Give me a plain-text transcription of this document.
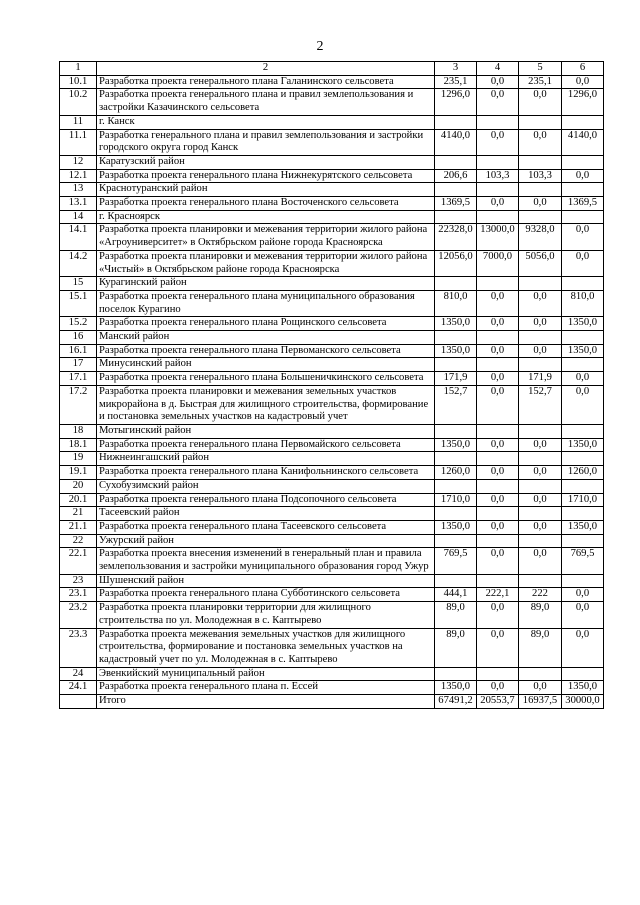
2
1	2	3	4	5	6
10.1	Разработка проекта генерального плана Галанинского сельсовета	235,1	0,0	235,1	0,0
10.2	Разработка проекта генерального плана и правил землепользования и застройки Казачинского сельсовета	1296,0	0,0	0,0	1296,0
11	г. Канск				
11.1	Разработка генерального плана и правил землепользования и застройки городского округа город Канск	4140,0	0,0	0,0	4140,0
12	Каратузский район				
12.1	Разработка проекта генерального плана Нижнекурятского сельсовета	206,6	103,3	103,3	0,0
13	Краснотуранский район				
13.1	Разработка проекта генерального плана Восточенского сельсовета	1369,5	0,0	0,0	1369,5
14	г. Красноярск				
14.1	Разработка проекта планировки и межевания территории жилого района «Агроуниверситет» в Октябрьском районе города Красноярска	22328,0	13000,0	9328,0	0,0
14.2	Разработка проекта планировки и межевания территории жилого района «Чистый» в Октябрьском районе города Красноярска	12056,0	7000,0	5056,0	0,0
15	Курагинский район				
15.1	Разработка проекта генерального плана муниципального образования поселок Курагино	810,0	0,0	0,0	810,0
15.2	Разработка проекта генерального плана Рощинского сельсовета	1350,0	0,0	0,0	1350,0
16	Манский район				
16.1	Разработка проекта генерального плана Первоманского сельсовета	1350,0	0,0	0,0	1350,0
17	Минусинский район				
17.1	Разработка проекта генерального плана Большеничкинского сельсовета	171,9	0,0	171,9	0,0
17.2	Разработка проекта планировки и межевания земельных участков микрорайона в д. Быстрая для жилищного строительства, формирование и постановка земельных участков на кадастровый учет	152,7	0,0	152,7	0,0
18	Мотыгинский район				
18.1	Разработка проекта генерального плана Первомайского сельсовета	1350,0	0,0	0,0	1350,0
19	Нижнеингашский район				
19.1	Разработка проекта генерального плана Канифольнинского сельсовета	1260,0	0,0	0,0	1260,0
20	Сухобузимский район				
20.1	Разработка проекта генерального плана Подсопочного сельсовета	1710,0	0,0	0,0	1710,0
21	Тасеевский район				
21.1	Разработка проекта генерального плана Тасеевского сельсовета	1350,0	0,0	0,0	1350,0
22	Ужурский район				
22.1	Разработка проекта внесения изменений в генеральный план и правила землепользования и застройки муниципального образования город Ужур	769,5	0,0	0,0	769,5
23	Шушенский район				
23.1	Разработка проекта генерального плана Субботинского сельсовета	444,1	222,1	222	0,0
23.2	Разработка проекта планировки территории для жилищного строительства по ул. Молодежная в с. Каптырево	89,0	0,0	89,0	0,0
23.3	Разработка проекта межевания земельных участков для жилищного строительства, формирование и постановка земельных участков на кадастровый учет по ул. Молодежная в с. Каптырево	89,0	0,0	89,0	0,0
24	Эвенкийский муниципальный район				
24.1	Разработка проекта генерального плана п. Ессей	1350,0	0,0	0,0	1350,0
	Итого	67491,2	20553,7	16937,5	30000,0
